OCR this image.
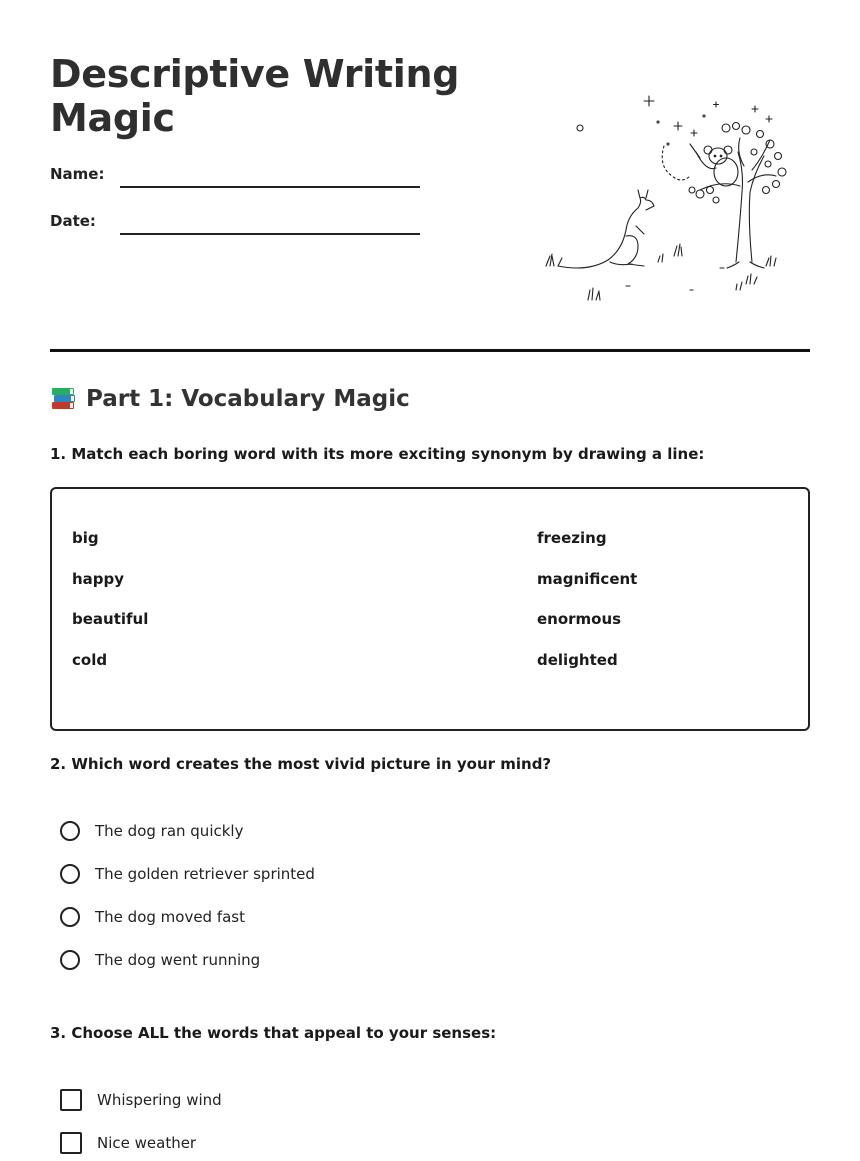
Descriptive Writing Magic
Name:
Date:
Part 1: Vocabulary Magic
1. Match each boring word with its more exciting synonym by drawing a line:
big
happy
beautiful
cold
freezing
magnificent
enormous
delighted
2. Which word creates the most vivid picture in your mind?
The dog ran quickly
The golden retriever sprinted
The dog moved fast
The dog went running
3. Choose ALL the words that appeal to your senses:
Whispering wind
Nice weather
